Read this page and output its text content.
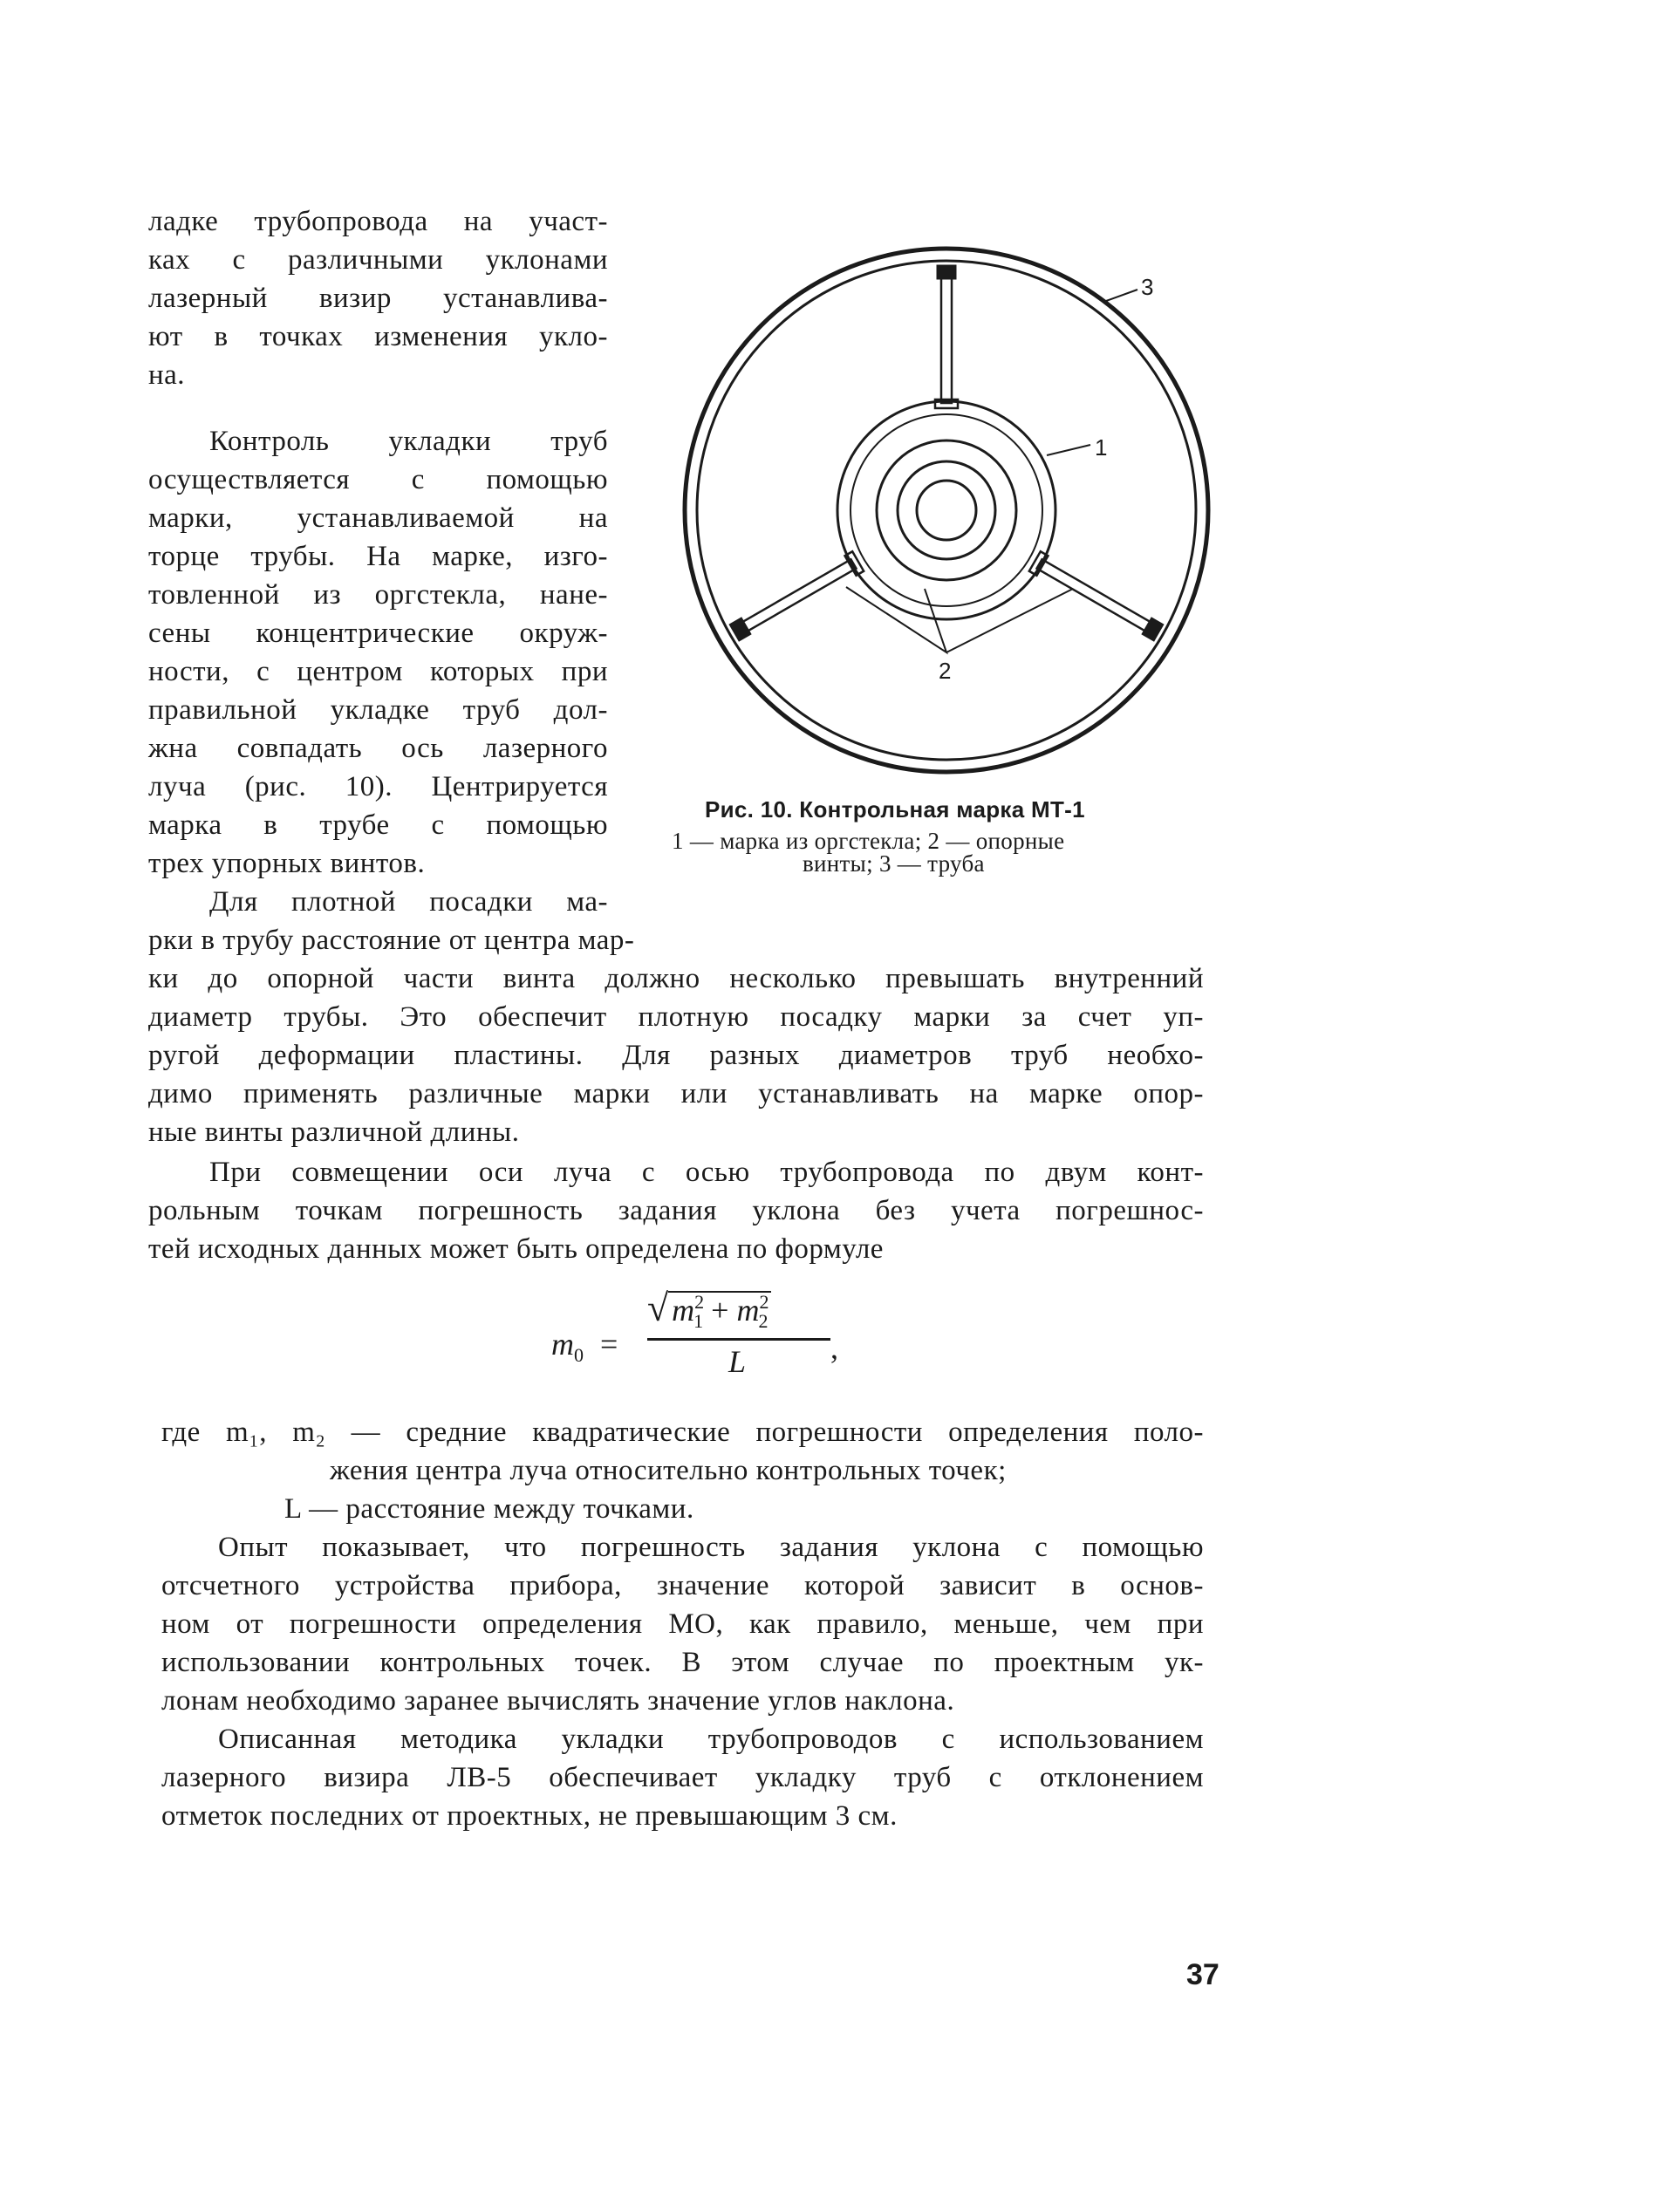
ладке трубопровода на участ-
ках с различными уклонами
лазерный визир устанавлива-
ют в точках изменения укло-
на.
Контроль укладки труб
осуществляется с помощью
марки, устанавливаемой на
торце трубы. На марке, изго-
товленной из оргстекла, нане-
сены концентрические окруж-
ности, с центром которых при
правильной укладке труб дол-
жна совпадать ось лазерного
луча (рис. 10). Центрируется
марка в трубе с помощью
трех упорных винтов.
Для плотной посадки ма-
рки в трубу расстояние от центра мар-
1
2
3
Рис. 10. Контрольная марка МТ-1
1 — марка из оргстекла; 2 — опорные
винты; 3 — труба
ки до опорной части винта должно несколько превышать внутренний
диаметр трубы. Это обеспечит плотную посадку марки за счет уп-
ругой деформации пластины. Для разных диаметров труб необхо-
димо применять различные марки или устанавливать на марке опор-
ные винты различной длины.
При совмещении оси луча с осью трубопровода по двум конт-
рольным точкам погрешность задания уклона без учета погрешнос-
тей исходных данных может быть определена по формуле
$m_0$ =
√ $m^2_1 + m^2_2$
L	,
где m₁, m₂ — средние квадратические погрешности определения поло-
жения центра луча относительно контрольных точек;
L — расстояние между точками.
Опыт показывает, что погрешность задания уклона с помощью
отсчетного устройства прибора, значение которой зависит в основ-
ном от погрешности определения МО, как правило, меньше, чем при
использовании контрольных точек. В этом случае по проектным ук-
лонам необходимо заранее вычислять значение углов наклона.
Описанная методика укладки трубопроводов с использованием
лазерного визира ЛВ-5 обеспечивает укладку труб с отклонением
отметок последних от проектных, не превышающим 3 см.
37
